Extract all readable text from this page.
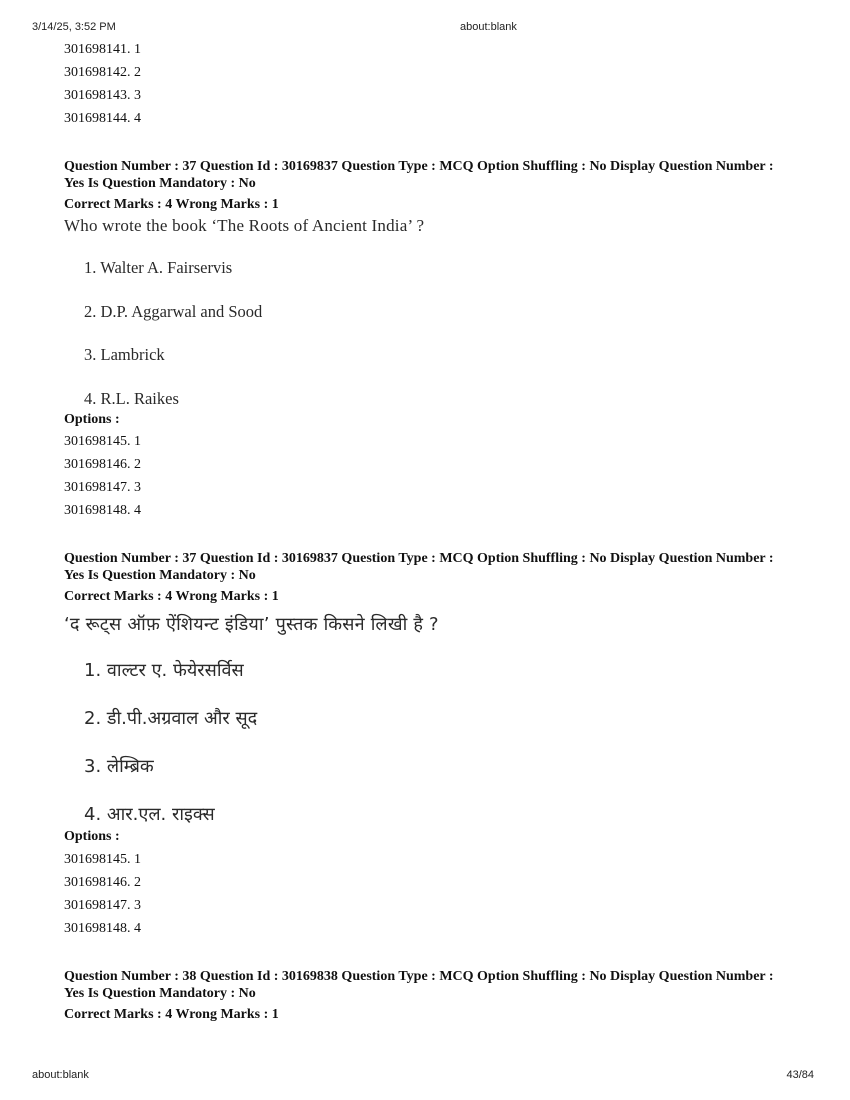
3/14/25, 3:52 PM	about:blank
301698141. 1
301698142. 2
301698143. 3
301698144. 4
Question Number : 37 Question Id : 30169837 Question Type : MCQ Option Shuffling : No Display Question Number : Yes Is Question Mandatory : No
Correct Marks : 4 Wrong Marks : 1
Who wrote the book ‘The Roots of Ancient India’ ?
1. Walter A. Fairservis
2. D.P. Aggarwal and Sood
3. Lambrick
4. R.L. Raikes
Options :
301698145. 1
301698146. 2
301698147. 3
301698148. 4
Question Number : 37 Question Id : 30169837 Question Type : MCQ Option Shuffling : No Display Question Number : Yes Is Question Mandatory : No
Correct Marks : 4 Wrong Marks : 1
‘द रूट्स ऑफ़ ऐंशियन्ट इंडिया’ पुस्तक किसने लिखी है ?
1. वाल्टर ए. फेयेरसर्विस
2. डी.पी.अग्रवाल और सूद
3. लेम्ब्रिक
4. आर.एल. राइक्स
Options :
301698145. 1
301698146. 2
301698147. 3
301698148. 4
Question Number : 38 Question Id : 30169838 Question Type : MCQ Option Shuffling : No Display Question Number : Yes Is Question Mandatory : No
Correct Marks : 4 Wrong Marks : 1
about:blank	43/84
